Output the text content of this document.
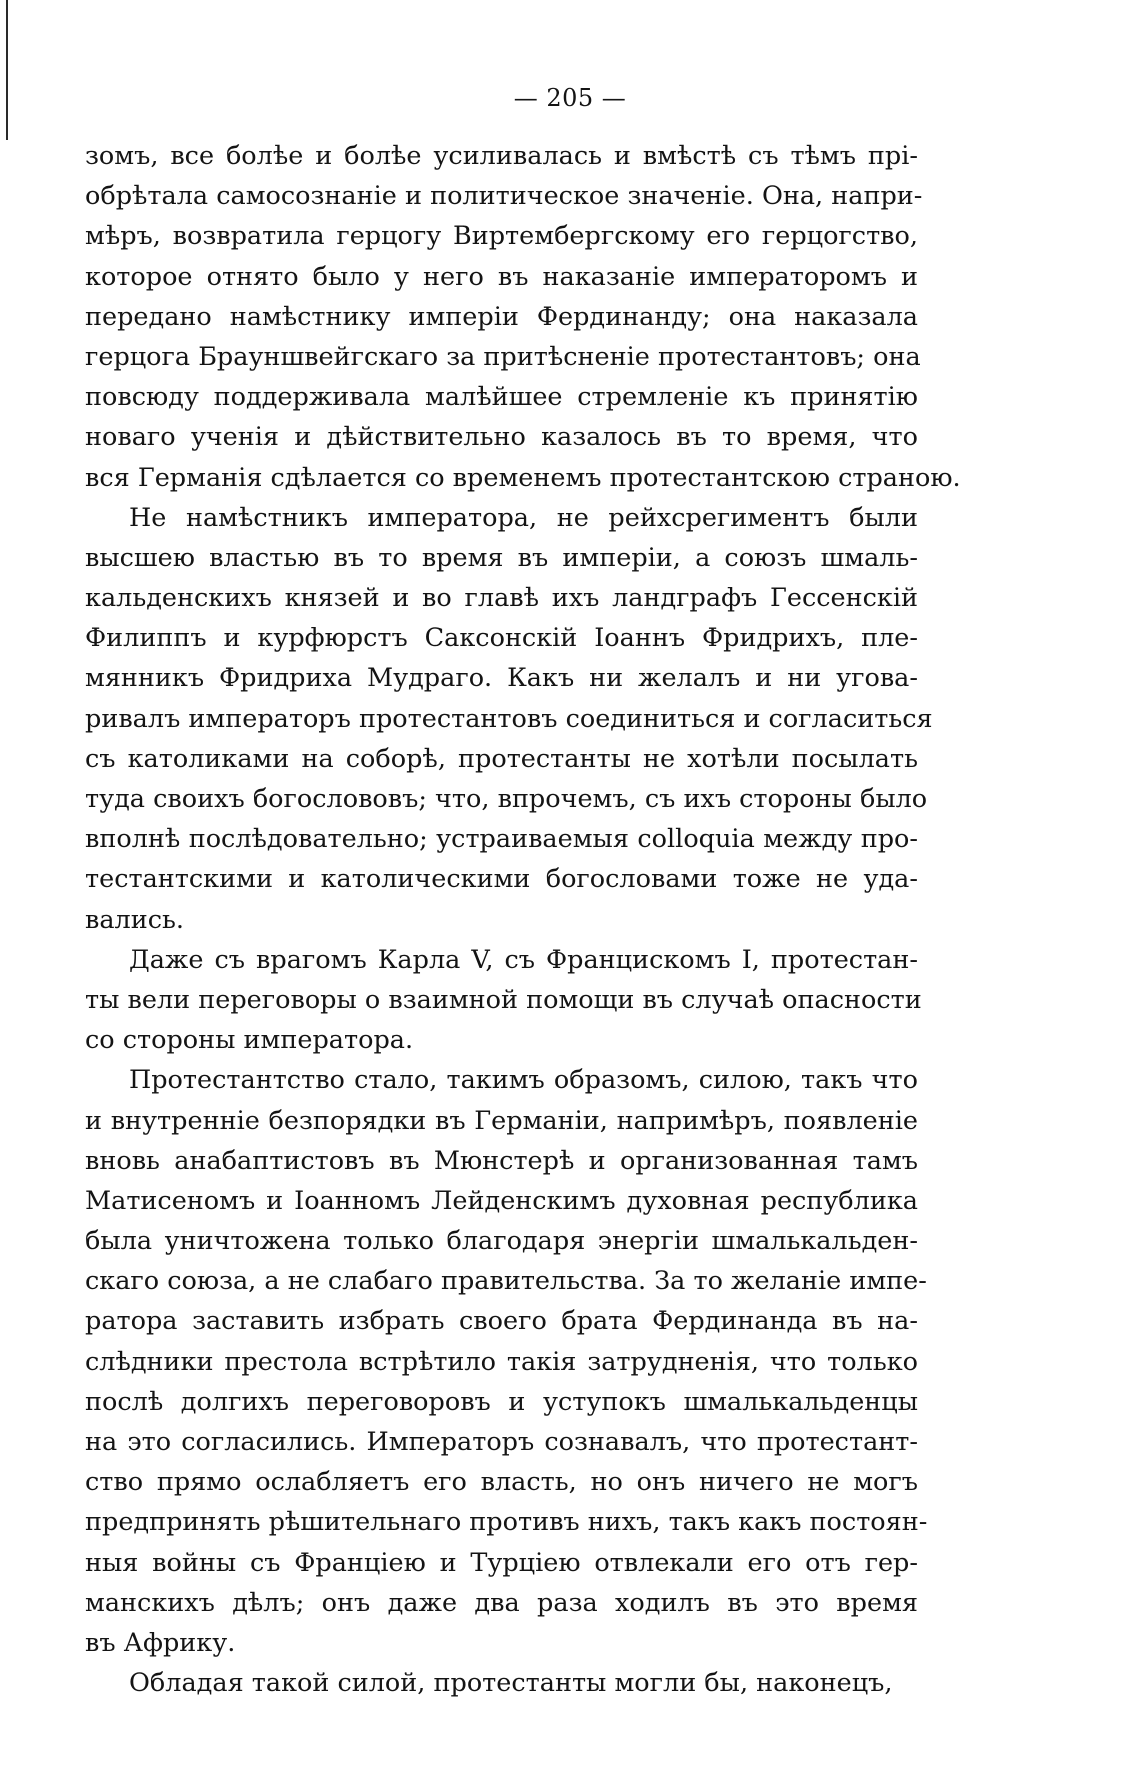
— 205 —
зомъ, все болѣе и болѣе усиливалась и вмѣстѣ съ тѣмъ прі-
обрѣтала самосознаніе и политическое значеніе. Она, напри-
мѣръ, возвратила герцогу Виртембергскому его герцогство,
которое отнято было у него въ наказаніе императоромъ и
передано намѣстнику имперіи Фердинанду; она наказала
герцога Брауншвейгскаго за притѣсненіе протестантовъ; она
повсюду поддерживала малѣйшее стремленіе къ принятію
новаго ученія и дѣйствительно казалось въ то время, что
вся Германія сдѣлается со временемъ протестантскою страною.
Не намѣстникъ императора, не рейхсрегиментъ были
высшею властью въ то время въ имперіи, а союзъ шмаль-
кальденскихъ князей и во главѣ ихъ ландграфъ Гессенскій
Филиппъ и курфюрстъ Саксонскій Іоаннъ Фридрихъ, пле-
мянникъ Фридриха Мудраго. Какъ ни желалъ и ни угова-
ривалъ императоръ протестантовъ соединиться и согласиться
съ католиками на соборѣ, протестанты не хотѣли посылать
туда своихъ богослововъ; что, впрочемъ, съ ихъ стороны было
вполнѣ послѣдовательно; устраиваемыя colloquia между про-
тестантскими и католическими богословами тоже не уда-
вались.
Даже съ врагомъ Карла V, съ Францискомъ I, протестан-
ты вели переговоры о взаимной помощи въ случаѣ опасности
со стороны императора.
Протестантство стало, такимъ образомъ, силою, такъ что
и внутренніе безпорядки въ Германіи, напримѣръ, появленіе
вновь анабаптистовъ въ Мюнстерѣ и организованная тамъ
Матисеномъ и Іоанномъ Лейденскимъ духовная республика
была уничтожена только благодаря энергіи шмалькальден-
скаго союза, а не слабаго правительства. За то желаніе импе-
ратора заставить избрать своего брата Фердинанда въ на-
слѣдники престола встрѣтило такія затрудненія, что только
послѣ долгихъ переговоровъ и уступокъ шмалькальденцы
на это согласились. Императоръ сознавалъ, что протестант-
ство прямо ослабляетъ его власть, но онъ ничего не могъ
предпринять рѣшительнаго противъ нихъ, такъ какъ постоян-
ныя войны съ Франціею и Турціею отвлекали его отъ гер-
манскихъ дѣлъ; онъ даже два раза ходилъ въ это время
въ Африку.
Обладая такой силой, протестанты могли бы, наконецъ,
